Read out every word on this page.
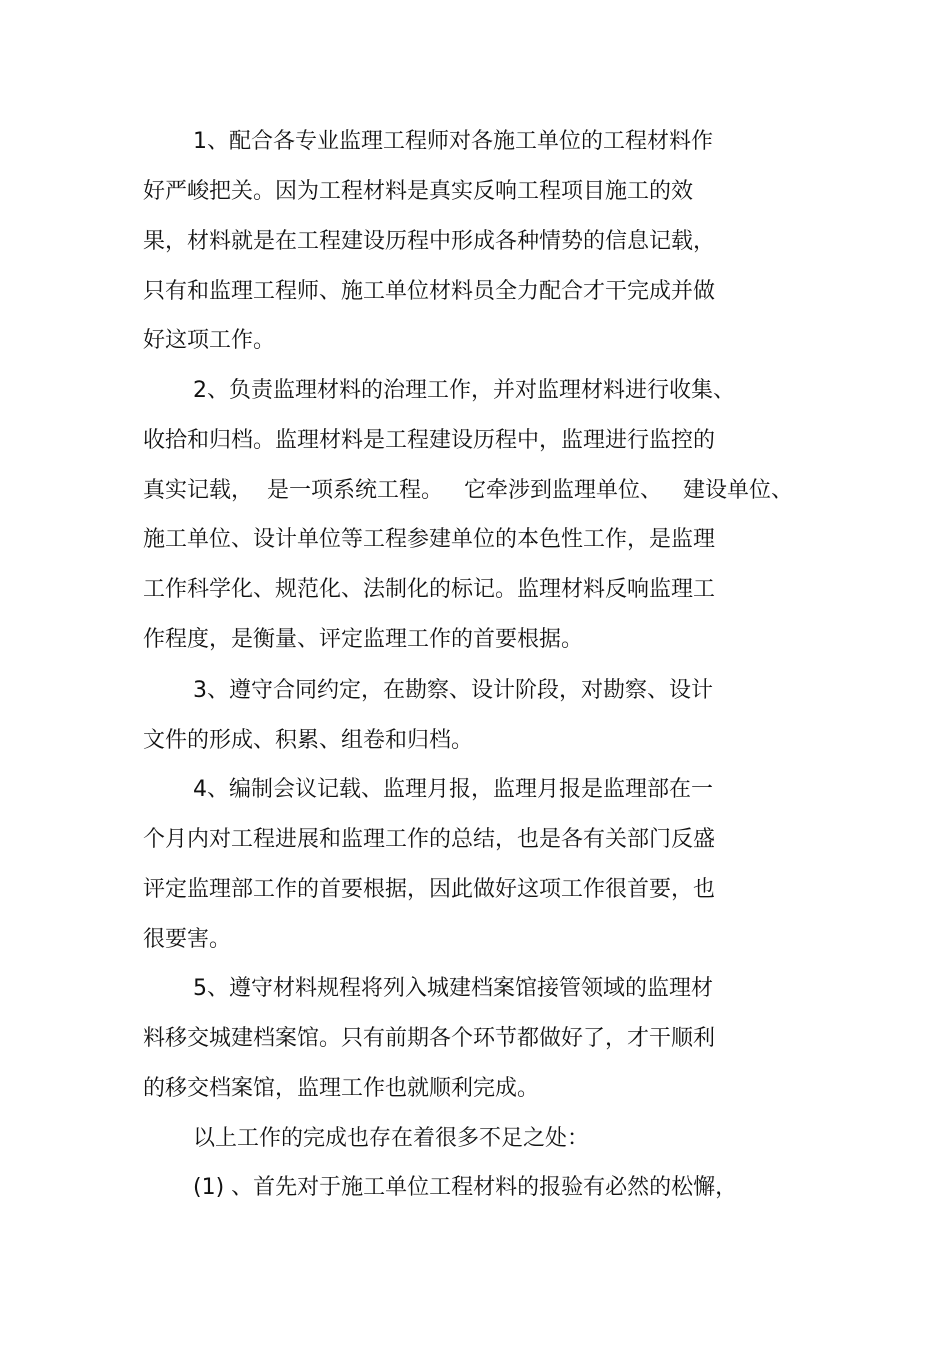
1、配合各专业监理工程师对各施工单位的工程材料作
好严峻把关。因为工程材料是真实反响工程项目施工的效
果，材料就是在工程建设历程中形成各种情势的信息记载，
只有和监理工程师、施工单位材料员全力配合才干完成并做
好这项工作。
2、负责监理材料的治理工作，并对监理材料进行收集、
收拾和归档。监理材料是工程建设历程中，监理进行监控的
真实记载，  是一项系统工程。   它牵涉到监理单位、   建设单位、
施工单位、设计单位等工程参建单位的本色性工作，是监理
工作科学化、规范化、法制化的标记。监理材料反响监理工
作程度，是衡量、评定监理工作的首要根据。
3、遵守合同约定，在勘察、设计阶段，对勘察、设计
文件的形成、积累、组卷和归档。
4、编制会议记载、监理月报，监理月报是监理部在一
个月内对工程进展和监理工作的总结，也是各有关部门反盛
评定监理部工作的首要根据，因此做好这项工作很首要，也
很要害。
5、遵守材料规程将列入城建档案馆接管领域的监理材
料移交城建档案馆。只有前期各个环节都做好了，才干顺利
的移交档案馆，监理工作也就顺利完成。
以上工作的完成也存在着很多不足之处：
(1) 、首先对于施工单位工程材料的报验有必然的松懈，
